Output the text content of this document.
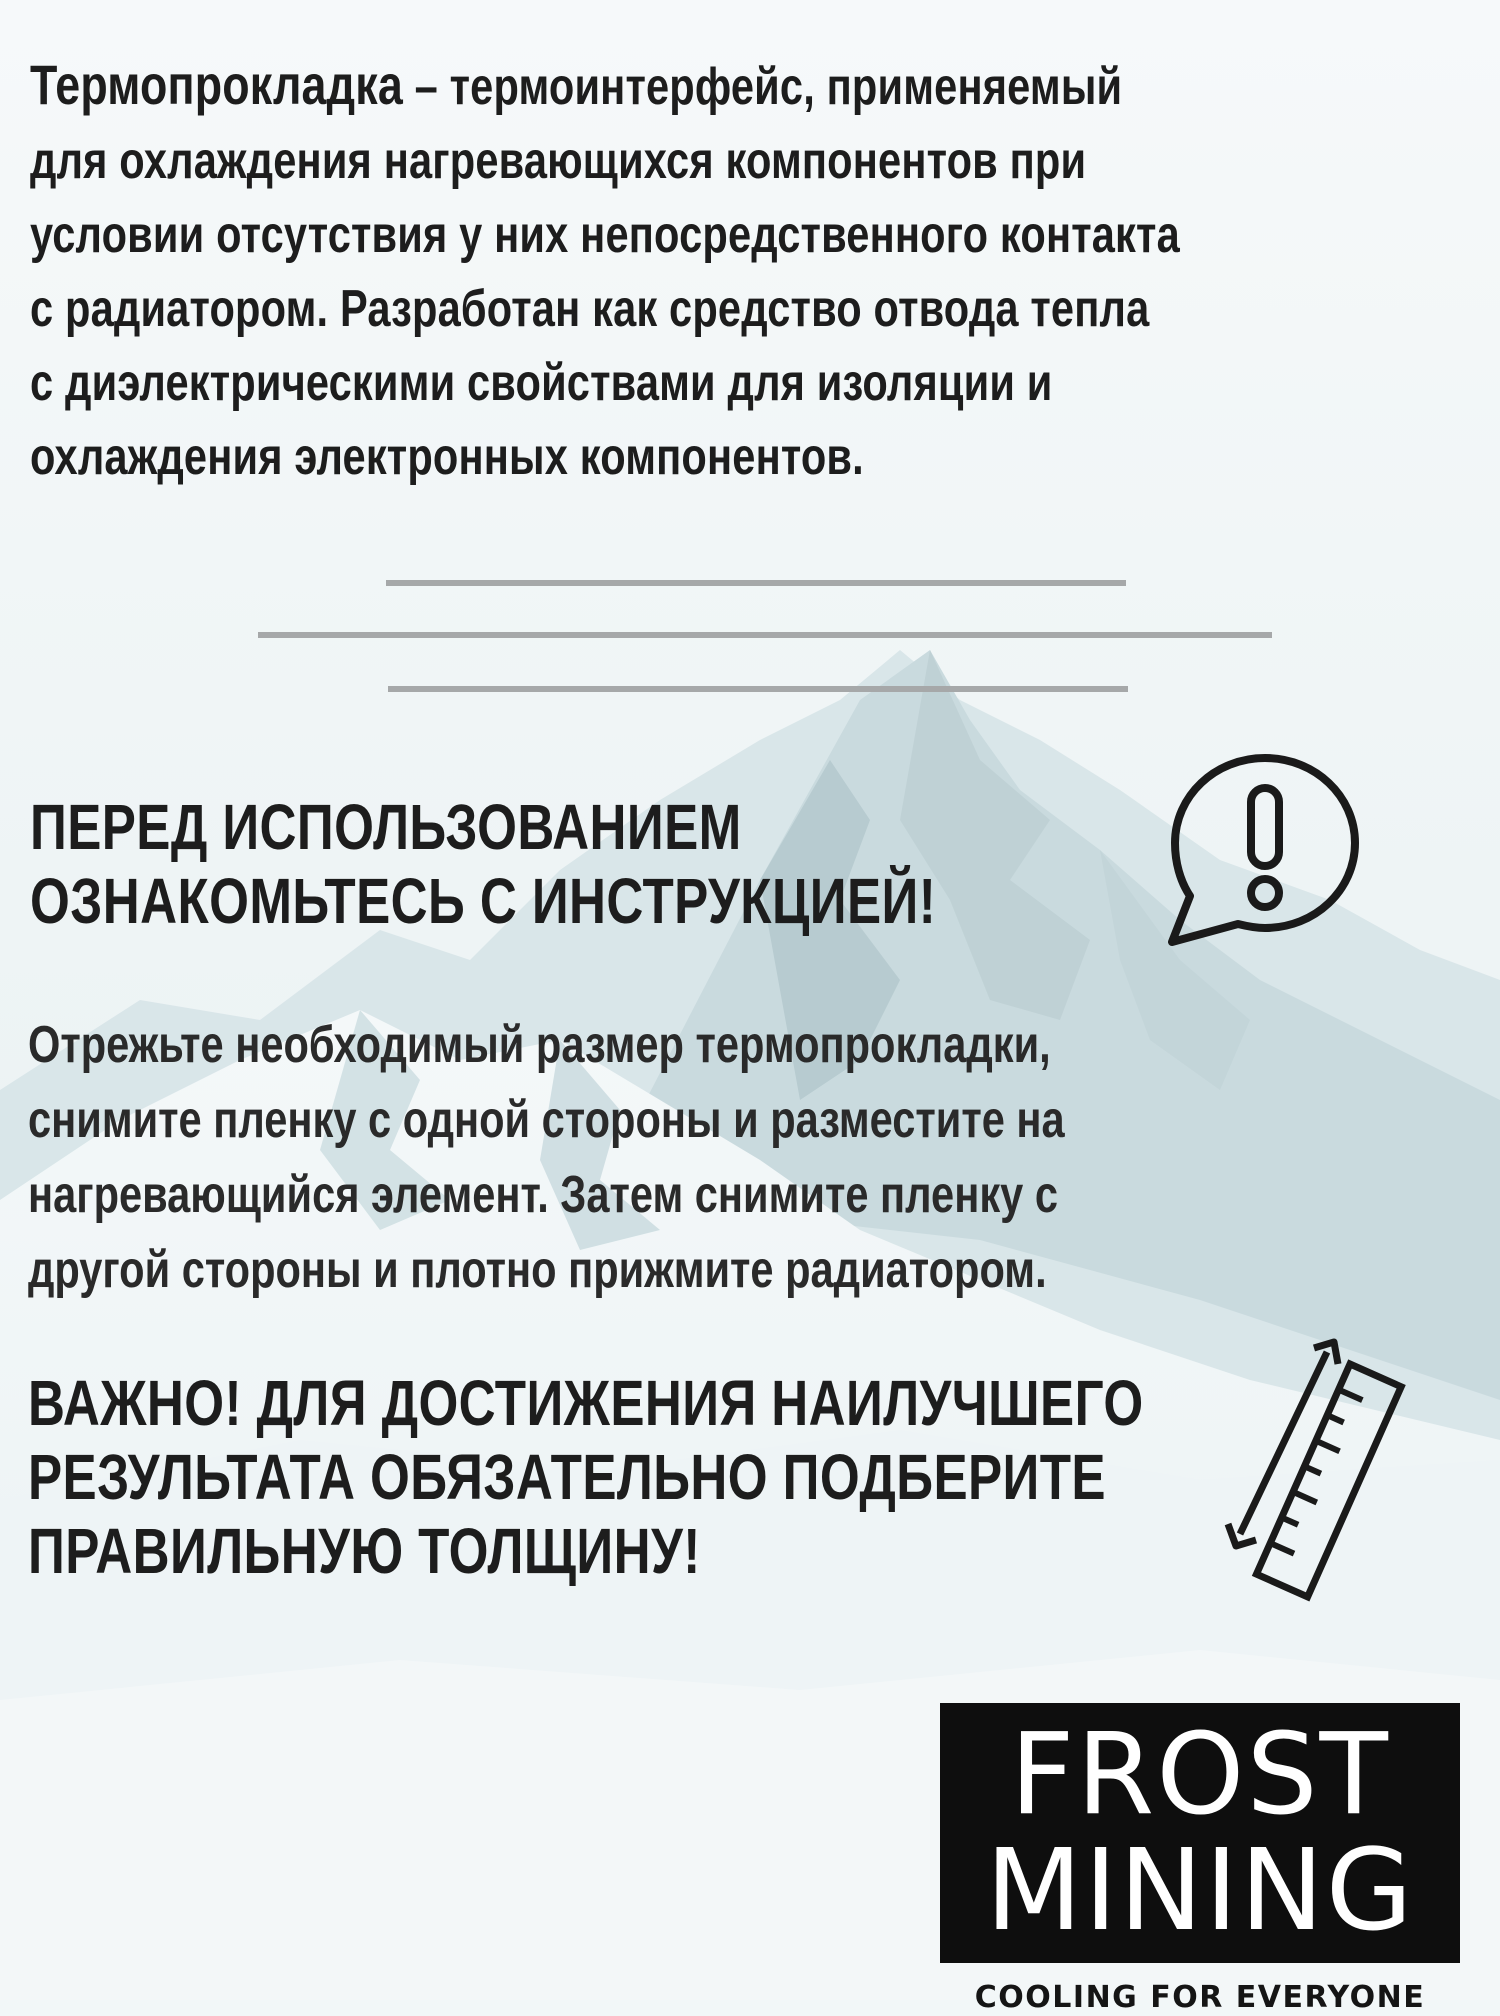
Термопрокладка – термоинтерфейс, применяемый для охлаждения нагревающихся компонентов при условии отсутствия у них непосредственного контакта с радиатором. Разработан как средство отвода тепла с диэлектрическими свойствами для изоляции и охлаждения электронных компонентов.
ПЕРЕД ИСПОЛЬЗОВАНИЕМ
ОЗНАКОМЬТЕСЬ С ИНСТРУКЦИЕЙ!
Отрежьте необходимый размер термопрокладки, снимите пленку с одной стороны и разместите на нагревающийся элемент. Затем снимите пленку с другой стороны и плотно прижмите радиатором.
ВАЖНО! ДЛЯ ДОСТИЖЕНИЯ НАИЛУЧШЕГО
РЕЗУЛЬТАТА ОБЯЗАТЕЛЬНО ПОДБЕРИТЕ
ПРАВИЛЬНУЮ ТОЛЩИНУ!
FROST
MINING
COOLING FOR EVERYONE
